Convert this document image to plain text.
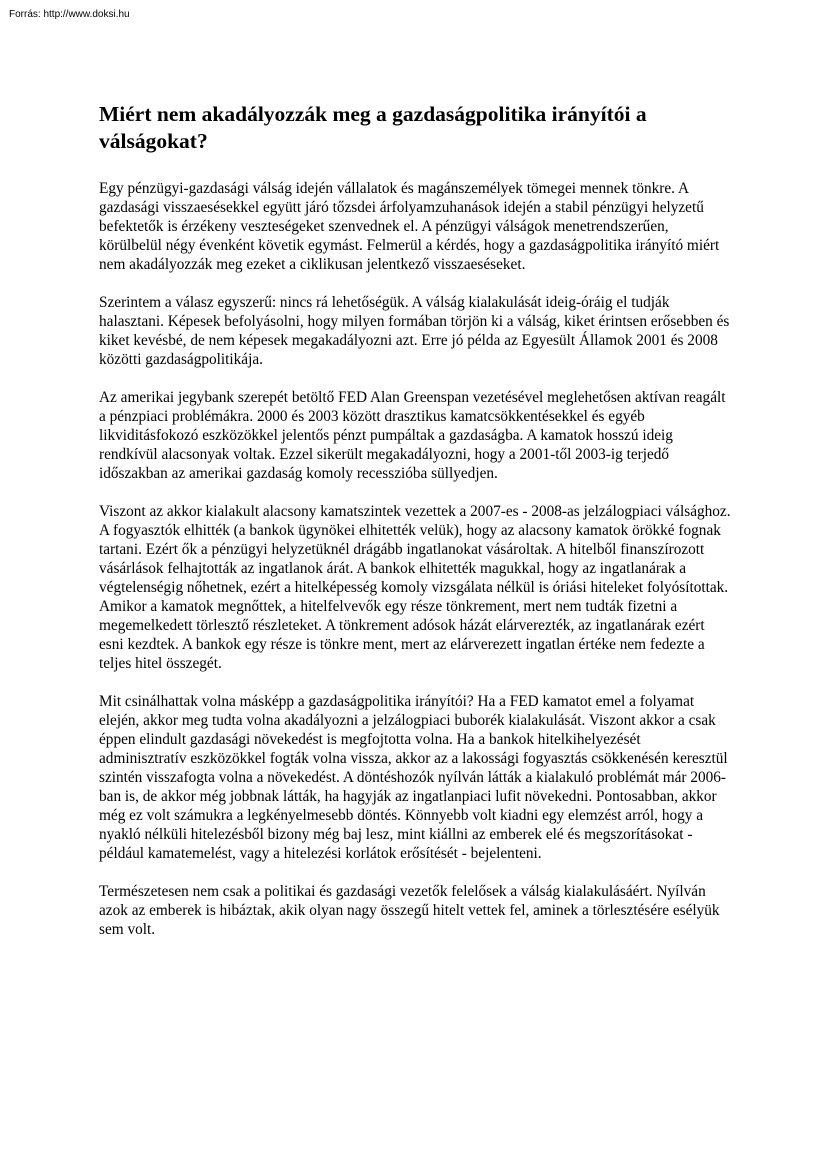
Forrás: http://www.doksi.hu
Miért nem akadályozzák meg a gazdaságpolitika irányítói a válságokat?

Egy pénzügyi-gazdasági válság idején vállalatok és magánszemélyek tömegei mennek tönkre. A gazdasági visszaesésekkel együtt járó tőzsdei árfolyamzuhanások idején a stabil pénzügyi helyzetű befektetők is érzékeny veszteségeket szenvednek el. A pénzügyi válságok menetrendszerűen, körülbelül négy évenként követik egymást. Felmerül a kérdés, hogy a gazdaságpolitika irányító miért nem akadályozzák meg ezeket a ciklikusan jelentkező visszaeséseket.

Szerintem a válasz egyszerű: nincs rá lehetőségük. A válság kialakulását ideig-óráig el tudják halasztani. Képesek befolyásolni, hogy milyen formában törjön ki a válság, kiket érintsen erősebben és kiket kevésbé, de nem képesek megakadályozni azt. Erre jó példa az Egyesült Államok 2001 és 2008 közötti gazdaságpolitikája.

Az amerikai jegybank szerepét betöltő FED Alan Greenspan vezetésével meglehetősen aktívan reagált a pénzpiaci problémákra. 2000 és 2003 között drasztikus kamatcsökkentésekkel és egyéb likviditásfokozó eszközökkel jelentős pénzt pumpáltak a gazdaságba. A kamatok hosszú ideig rendkívül alacsonyak voltak. Ezzel sikerült megakadályozni, hogy a 2001-től 2003-ig terjedő időszakban az amerikai gazdaság komoly recesszióba süllyedjen.

Viszont az akkor kialakult alacsony kamatszintek vezettek a 2007-es - 2008-as jelzálogpiaci válsághoz. A fogyasztók elhitték (a bankok ügynökei elhitették velük), hogy az alacsony kamatok örökké fognak tartani. Ezért ők a pénzügyi helyzetüknél drágább ingatlanokat vásároltak. A hitelből finanszírozott vásárlások felhajtották az ingatlanok árát. A bankok elhitették magukkal, hogy az ingatlanárak a végtelenségig nőhetnek, ezért a hitelképesség komoly vizsgálata nélkül is óriási hiteleket folyósítottak. Amikor a kamatok megnőttek, a hitelfelvevők egy része tönkrement, mert nem tudták fizetni a megemelkedett törlesztő részleteket. A tönkrement adósok házát elárverezték, az ingatlanárak ezért esni kezdtek. A bankok egy része is tönkre ment, mert az elárverezett ingatlan értéke nem fedezte a teljes hitel összegét.

Mit csinálhattak volna másképp a gazdaságpolitika irányítói? Ha a FED kamatot emel a folyamat elején, akkor meg tudta volna akadályozni a jelzálogpiaci buborék kialakulását. Viszont akkor a csak éppen elindult gazdasági növekedést is megfojtotta volna. Ha a bankok hitelkihelyezését adminisztratív eszközökkel fogták volna vissza, akkor az a lakossági fogyasztás csökkenésén keresztül szintén visszafogta volna a növekedést. A döntéshozók nyílván látták a kialakuló problémát már 2006-ban is, de akkor még jobbnak látták, ha hagyják az ingatlanpiaci lufit növekedni. Pontosabban, akkor még ez volt számukra a legkényelmesebb döntés. Könnyebb volt kiadni egy elemzést arról, hogy a nyakló nélküli hitelezésből bizony még baj lesz, mint kiállni az emberek elé és megszorításokat - például kamatemelést, vagy a hitelezési korlátok erősítését - bejelenteni.

Természetesen nem csak a politikai és gazdasági vezetők felelősek a válság kialakulásáért. Nyílván azok az emberek is hibáztak, akik olyan nagy összegű hitelt vettek fel, aminek a törlesztésére esélyük sem volt.
